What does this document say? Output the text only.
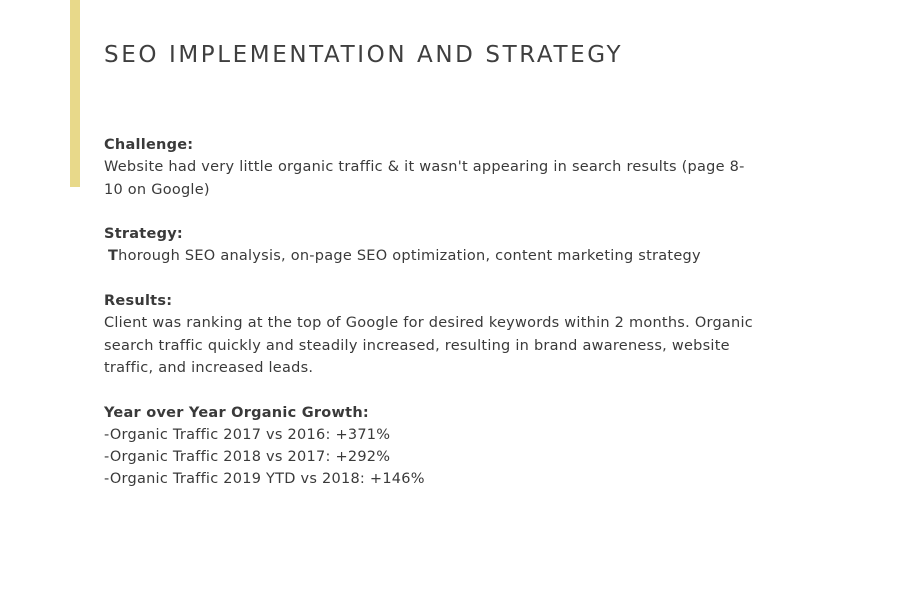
SEO IMPLEMENTATION AND STRATEGY
Challenge:
Website had very little organic traffic & it wasn't appearing in search results (page 8-10 on Google)
Strategy:
Thorough SEO analysis, on-page SEO optimization, content marketing strategy
Results:
Client was ranking at the top of Google for desired keywords within 2 months. Organic search traffic quickly and steadily increased, resulting in brand awareness, website traffic, and increased leads.
Year over Year Organic Growth:
-Organic Traffic 2017 vs 2016: +371%
-Organic Traffic 2018 vs 2017: +292%
-Organic Traffic 2019 YTD vs 2018: +146%
